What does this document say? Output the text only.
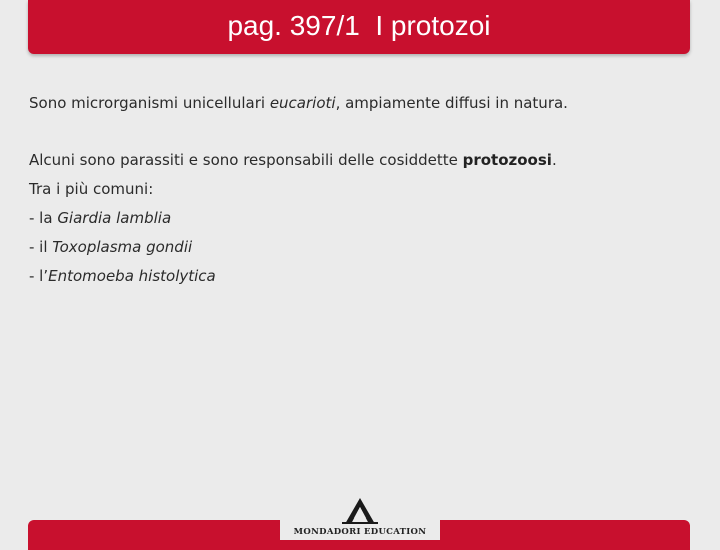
pag. 397/1  I protozoi

Sono microrganismi unicellulari eucarioti, ampiamente diffusi in natura.

Alcuni sono parassiti e sono responsabili delle cosiddette protozoosi.

Tra i più comuni:

- la Giardia lamblia

- il Toxoplasma gondii

- l’Entomoeba histolytica

MONDADORI EDUCATION
